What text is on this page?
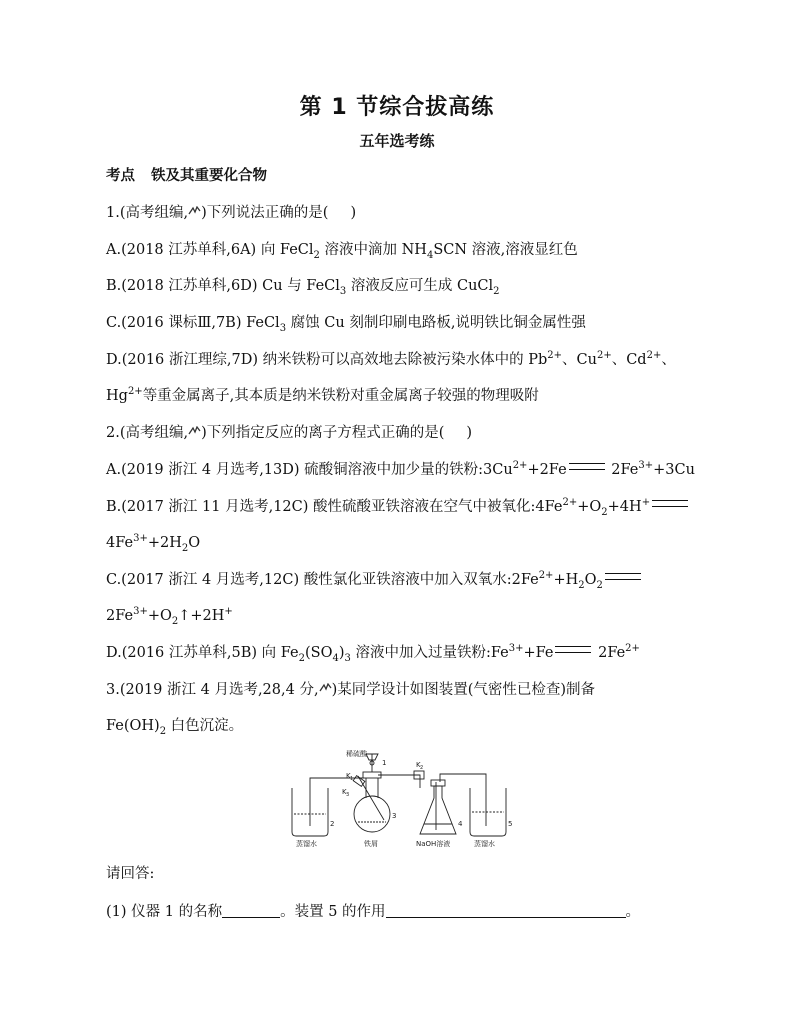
第 1 节综合拔高练
五年选考练
考点 铁及其重要化合物
1.(高考组编, )下列说法正确的是( )
A.(2018 江苏单科,6A) 向 FeCl$_2$ 溶液中滴加 $NH_4SCN$ 溶液,溶液显红色
B.(2018 江苏单科,6D) Cu 与 FeCl$_3$ 溶液反应可生成 CuCl$_2$
C.(2016 课标Ⅲ,7B) FeCl$_3$ 腐蚀 Cu 刻制印刷电路板,说明铁比铜金属性强
D.(2016 浙江理综,7D) 纳米铁粉可以高效地去除被污染水体中的 $Pb^{2+}$、$Cu^{2+}$、$Cd^{2+}$、
$Hg^{2+}$等重金属离子,其本质是纳米铁粉对重金属离子较强的物理吸附
2.(高考组编, )下列指定反应的离子方程式正确的是( )
A.(2019 浙江 4 月选考,13D) 硫酸铜溶液中加少量的铁粉$:3Cu^{2+}+2Fe$	$2Fe^{3+}+3Cu$
B.(2017 浙江 11 月选考,12C) 酸性硫酸亚铁溶液在空气中被氧化$:4Fe^{2+}+O_2+4H^+$
$4Fe^{3+}+2H_2O$
C.(2017 浙江 4 月选考,12C) 酸性氯化亚铁溶液中加入双氧水$:2Fe^{2+}+H_2O_2$
$2Fe^{3+}+O_2↑+2H^+$
D.(2016 江苏单科,5B) 向 $Fe_2(SO_4)_3$ 溶液中加入过量铁粉$:Fe^{3+}+Fe$	$2Fe^{2+}$
3.(2019 浙江 4 月选考,28,4 分, )某同学设计如图装置(气密性已检查)制备
$Fe(OH)_2$ 白色沉淀。
稀硫酸
1
K 1
K 2
K 3
2
3
4	5
蒸馏水	铁屑	NaOH溶液	蒸馏水
请回答:
(1) 仪器 1 的名称	。装置 5 的作用	。
